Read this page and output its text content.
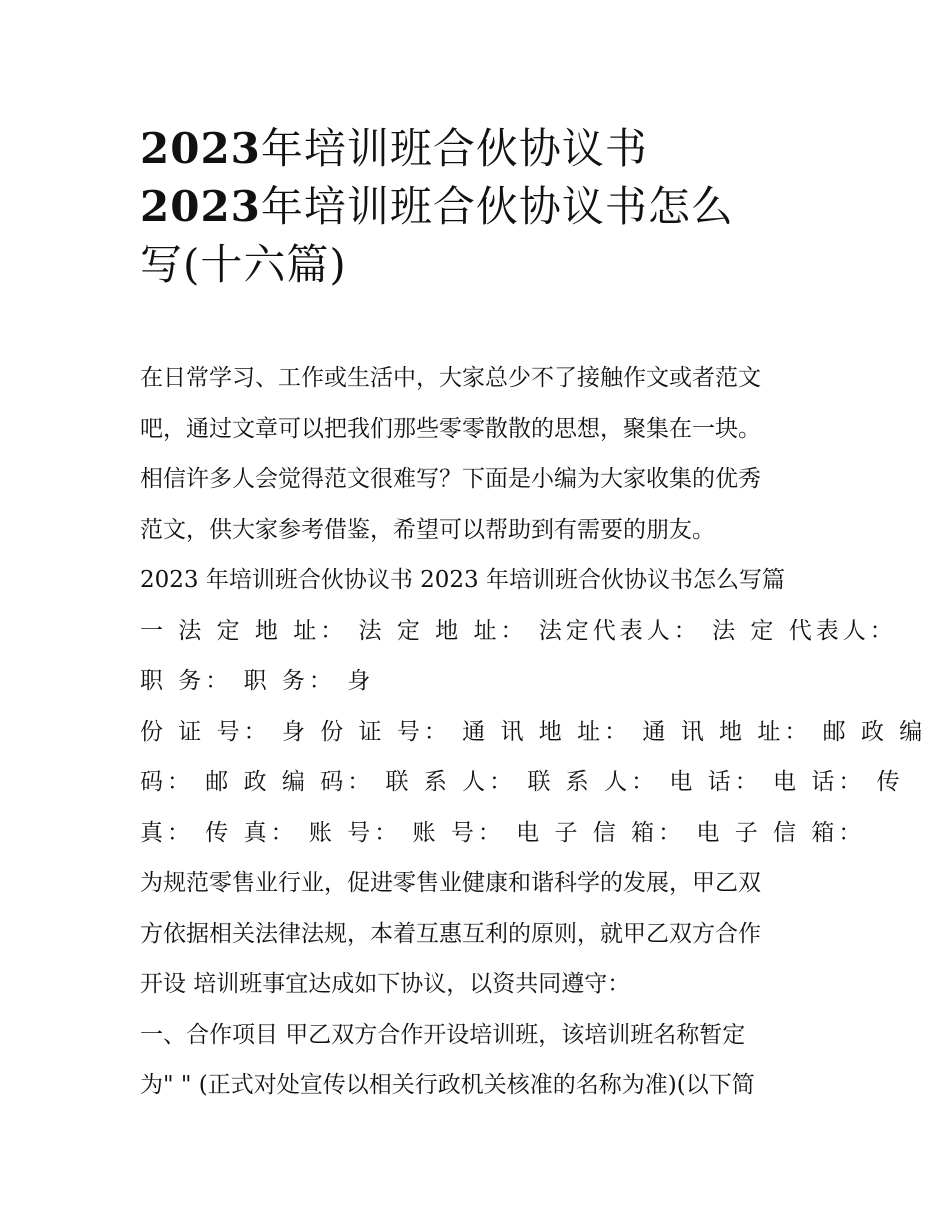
2023年培训班合伙协议书
2023年培训班合伙协议书怎么
写(十六篇)

在日常学习、工作或生活中，大家总少不了接触作文或者范文

吧，通过文章可以把我们那些零零散散的思想，聚集在一块。

相信许多人会觉得范文很难写？下面是小编为大家收集的优秀

范文，供大家参考借鉴，希望可以帮助到有需要的朋友。

2023 年培训班合伙协议书 2023 年培训班合伙协议书怎么写篇

一 法 定 地 址： 法 定 地 址： 法定代表人： 法 定 代表人：

职 务： 职 务： 身

份 证 号： 身 份 证 号： 通 讯 地 址： 通 讯 地 址： 邮 政 编

码： 邮 政 编 码： 联 系 人： 联 系 人： 电 话： 电 话： 传

真： 传 真： 账 号： 账 号： 电 子 信 箱： 电 子 信 箱：

为规范零售业行业，促进零售业健康和谐科学的发展，甲乙双

方依据相关法律法规，本着互惠互利的原则，就甲乙双方合作

开设 培训班事宜达成如下协议，以资共同遵守：

一、合作项目 甲乙双方合作开设培训班，该培训班名称暂定

为" " (正式对处宣传以相关行政机关核准的名称为准)(以下简
